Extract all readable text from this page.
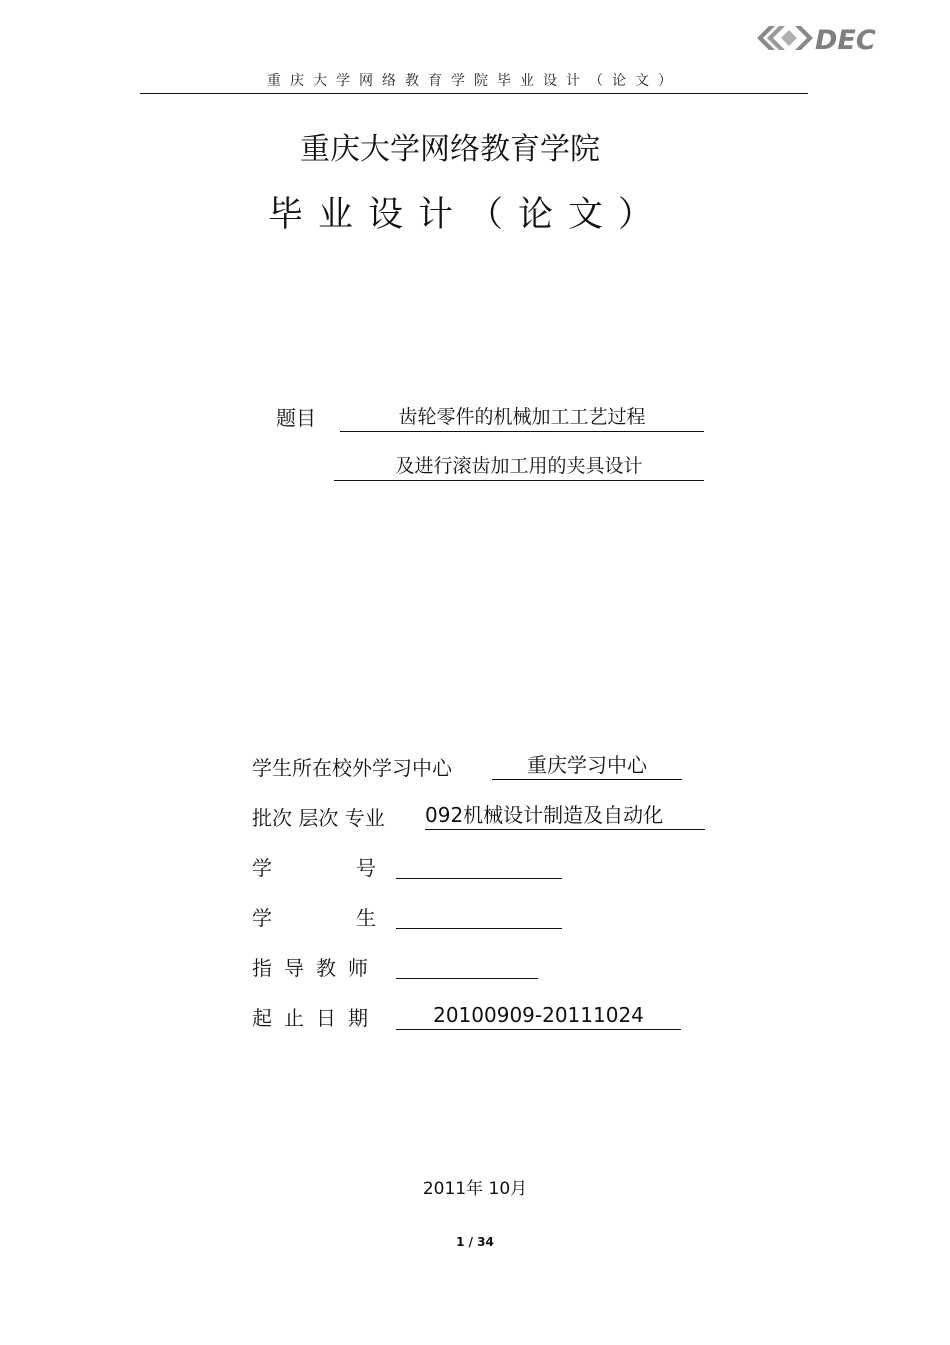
DEC
重庆大学网络教育学院毕业设计（论文）
重庆大学网络教育学院
毕业设计（论文）
题目	齿轮零件的机械加工工艺过程
及进行滚齿加工用的夹具设计
学生所在校外学习中心	重庆学习中心
批次 层次 专业 092机械设计制造及自动化
学号
学生
指导教师
起止日期	20100909-20111024
2011年 10月
1 / 34
